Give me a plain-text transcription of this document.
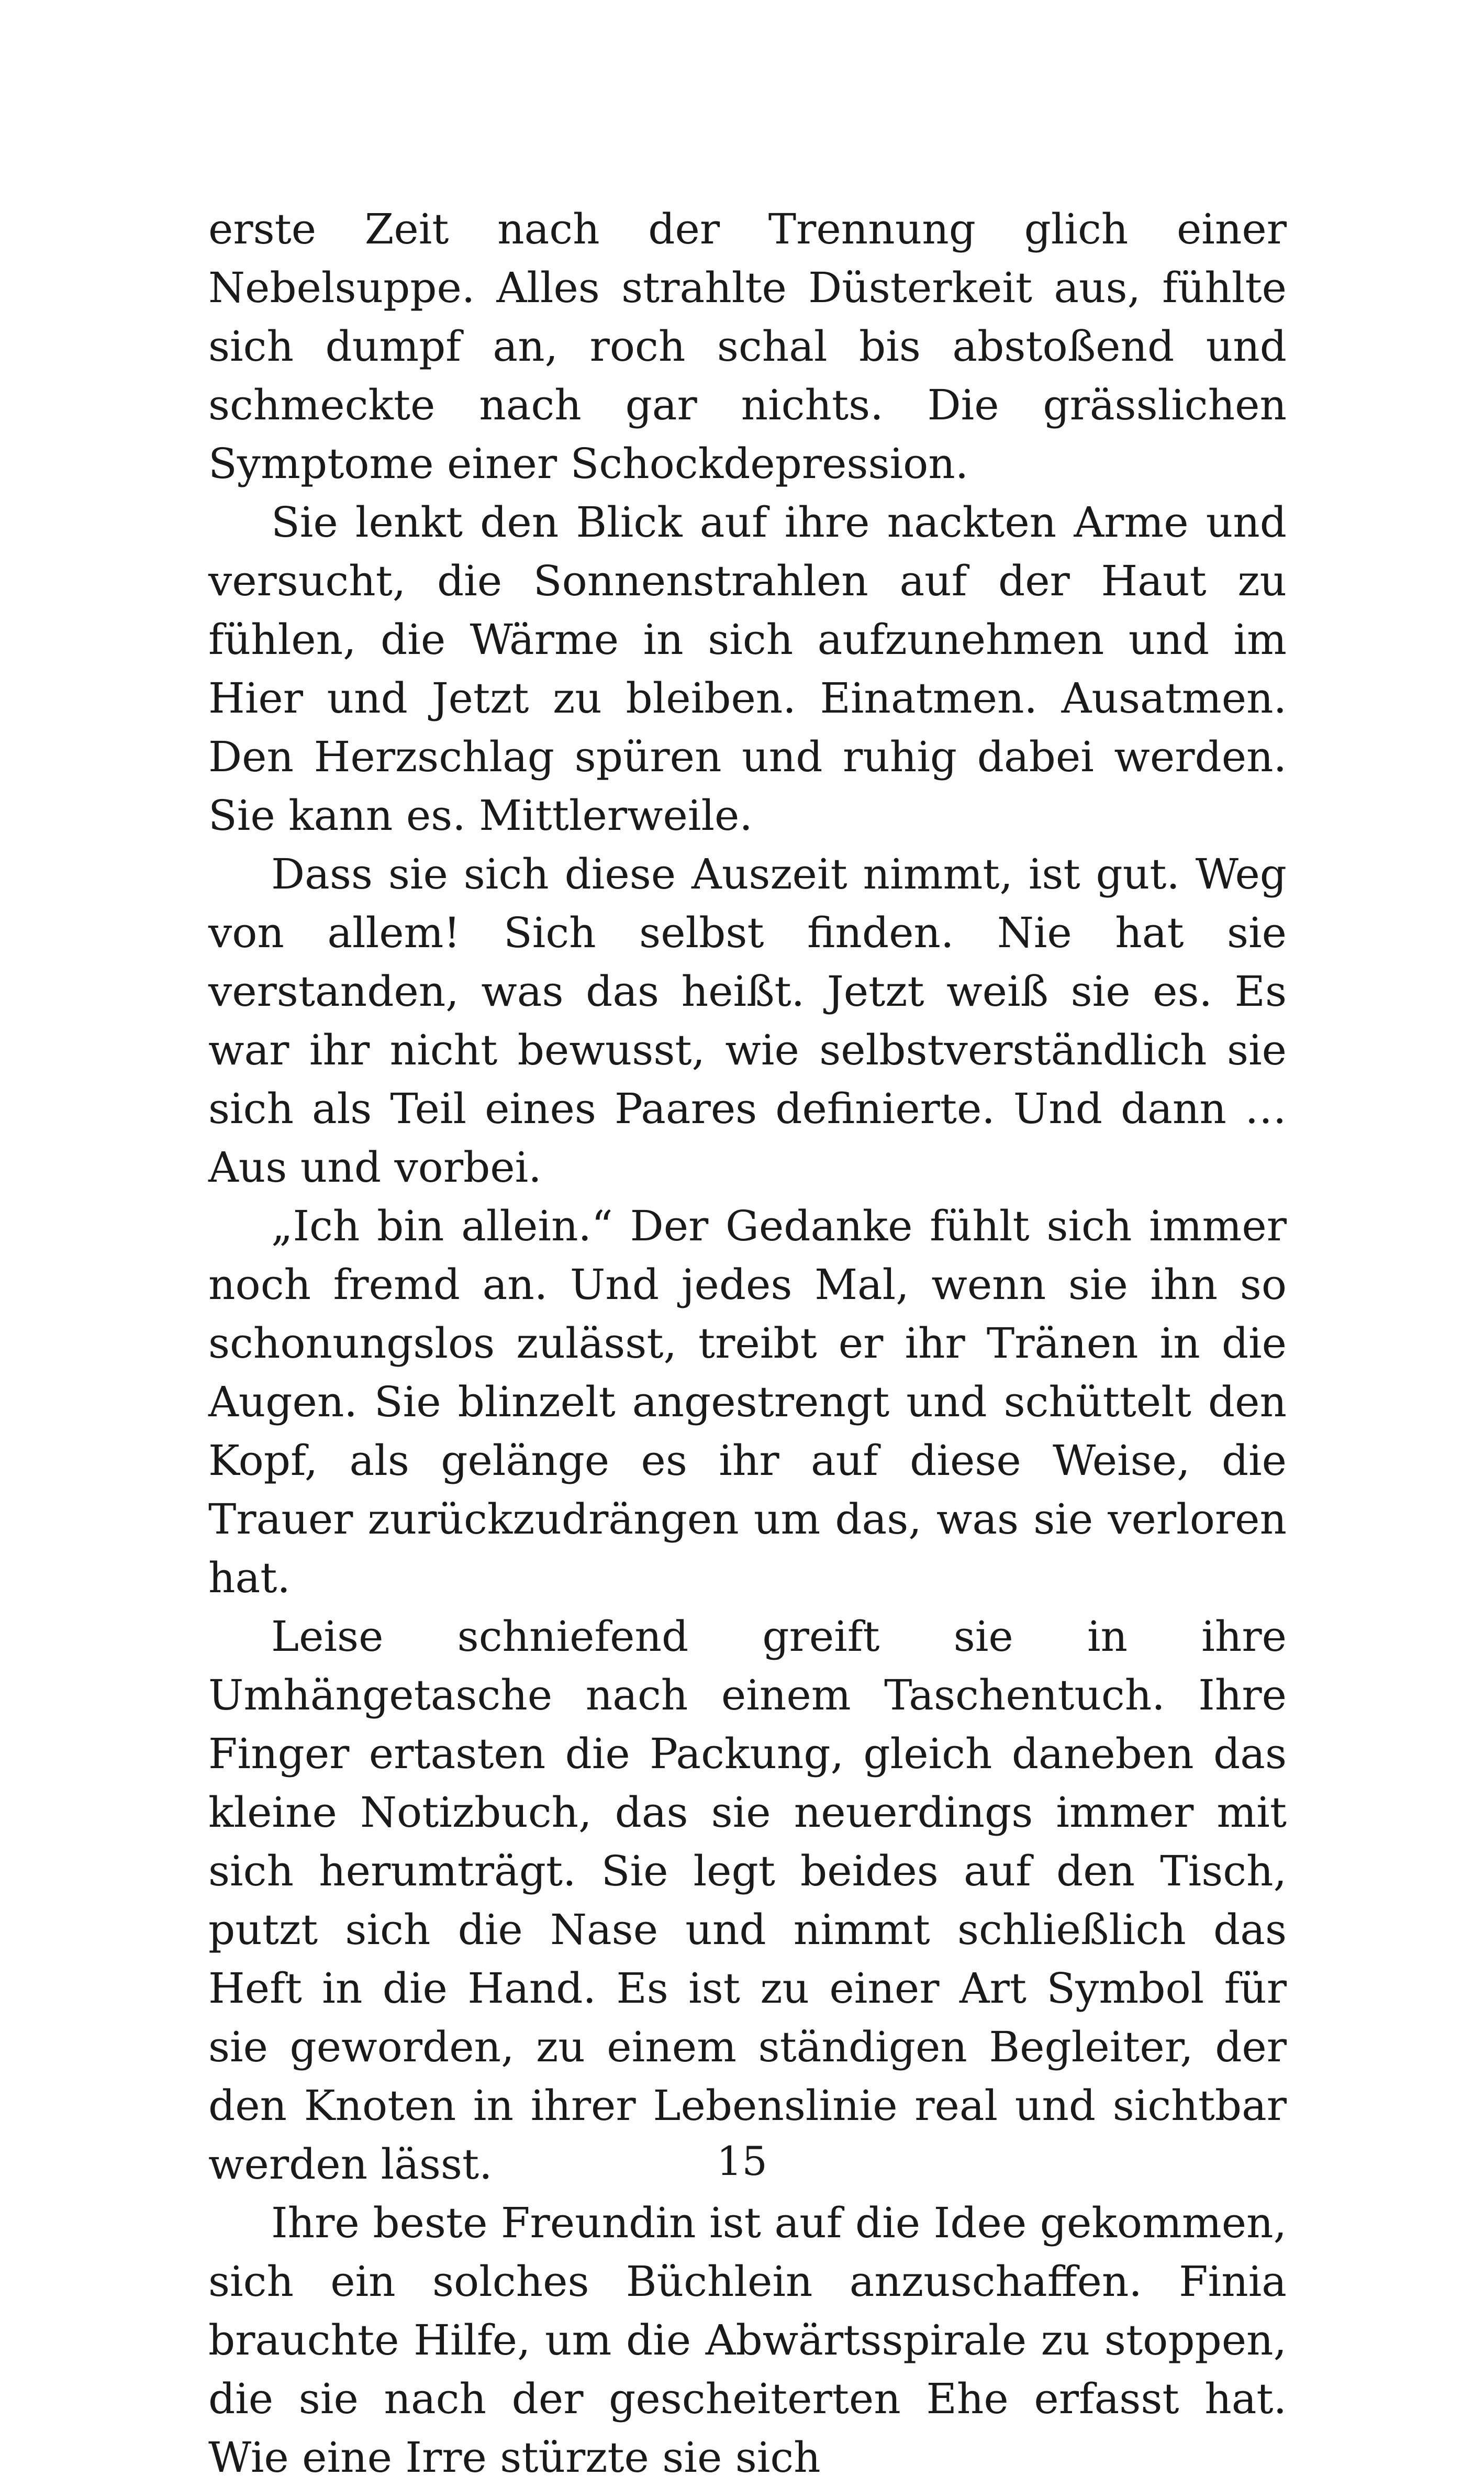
erste Zeit nach der Trennung glich einer Nebelsuppe. Alles strahlte Düsterkeit aus, fühlte sich dumpf an, roch schal bis abstoßend und schmeckte nach gar nichts. Die grässlichen Symptome einer Schockdepression.

Sie lenkt den Blick auf ihre nackten Arme und versucht, die Sonnenstrahlen auf der Haut zu fühlen, die Wärme in sich aufzunehmen und im Hier und Jetzt zu bleiben. Einatmen. Ausatmen. Den Herzschlag spüren und ruhig dabei werden. Sie kann es. Mittlerweile.

Dass sie sich diese Auszeit nimmt, ist gut. Weg von allem! Sich selbst finden. Nie hat sie verstanden, was das heißt. Jetzt weiß sie es. Es war ihr nicht bewusst, wie selbstverständlich sie sich als Teil eines Paares definierte. Und dann … Aus und vorbei.

„Ich bin allein.“ Der Gedanke fühlt sich immer noch fremd an. Und jedes Mal, wenn sie ihn so schonungslos zulässt, treibt er ihr Tränen in die Augen. Sie blinzelt angestrengt und schüttelt den Kopf, als gelänge es ihr auf diese Weise, die Trauer zurückzudrängen um das, was sie verloren hat.

Leise schniefend greift sie in ihre Umhängetasche nach einem Taschentuch. Ihre Finger ertasten die Packung, gleich daneben das kleine Notizbuch, das sie neuerdings immer mit sich herumträgt. Sie legt beides auf den Tisch, putzt sich die Nase und nimmt schließlich das Heft in die Hand. Es ist zu einer Art Symbol für sie geworden, zu einem ständigen Begleiter, der den Knoten in ihrer Lebenslinie real und sichtbar werden lässt.

Ihre beste Freundin ist auf die Idee gekommen, sich ein solches Büchlein anzuschaffen. Finia brauchte Hilfe, um die Abwärtsspirale zu stoppen, die sie nach der gescheiterten Ehe erfasst hat. Wie eine Irre stürzte sie sich

15
